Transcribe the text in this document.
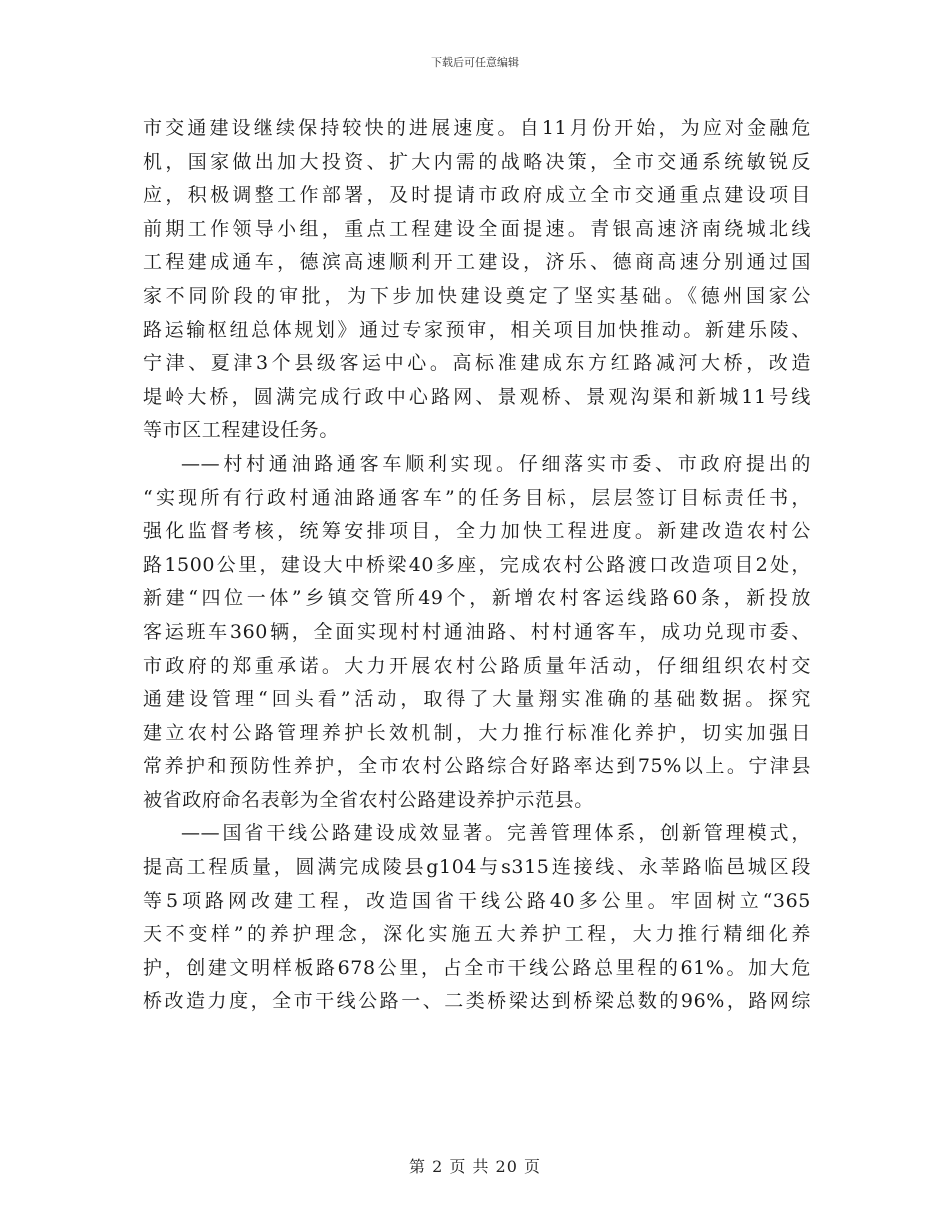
下载后可任意编辑
市交通建设继续保持较快的进展速度。自11月份开始，为应对金融危
机，国家做出加大投资、扩大内需的战略决策，全市交通系统敏锐反
应，积极调整工作部署，及时提请市政府成立全市交通重点建设项目
前期工作领导小组，重点工程建设全面提速。青银高速济南绕城北线
工程建成通车，德滨高速顺利开工建设，济乐、德商高速分别通过国
家不同阶段的审批，为下步加快建设奠定了坚实基础。《德州国家公
路运输枢纽总体规划》通过专家预审，相关项目加快推动。新建乐陵、
宁津、夏津3个县级客运中心。高标准建成东方红路减河大桥，改造
堤岭大桥，圆满完成行政中心路网、景观桥、景观沟渠和新城11号线
等市区工程建设任务。
——村村通油路通客车顺利实现。仔细落实市委、市政府提出的
“实现所有行政村通油路通客车”的任务目标，层层签订目标责任书，
强化监督考核，统筹安排项目，全力加快工程进度。新建改造农村公
路1500公里，建设大中桥梁40多座，完成农村公路渡口改造项目2处，
新建“四位一体”乡镇交管所49个，新增农村客运线路60条，新投放
客运班车360辆，全面实现村村通油路、村村通客车，成功兑现市委、
市政府的郑重承诺。大力开展农村公路质量年活动，仔细组织农村交
通建设管理“回头看”活动，取得了大量翔实准确的基础数据。探究
建立农村公路管理养护长效机制，大力推行标准化养护，切实加强日
常养护和预防性养护，全市农村公路综合好路率达到75%以上。宁津县
被省政府命名表彰为全省农村公路建设养护示范县。
——国省干线公路建设成效显著。完善管理体系，创新管理模式，
提高工程质量，圆满完成陵县g104与s315连接线、永莘路临邑城区段
等5项路网改建工程，改造国省干线公路40多公里。牢固树立“365
天不变样”的养护理念，深化实施五大养护工程，大力推行精细化养
护，创建文明样板路678公里，占全市干线公路总里程的61%。加大危
桥改造力度，全市干线公路一、二类桥梁达到桥梁总数的96%，路网综
第 2 页 共 20 页
